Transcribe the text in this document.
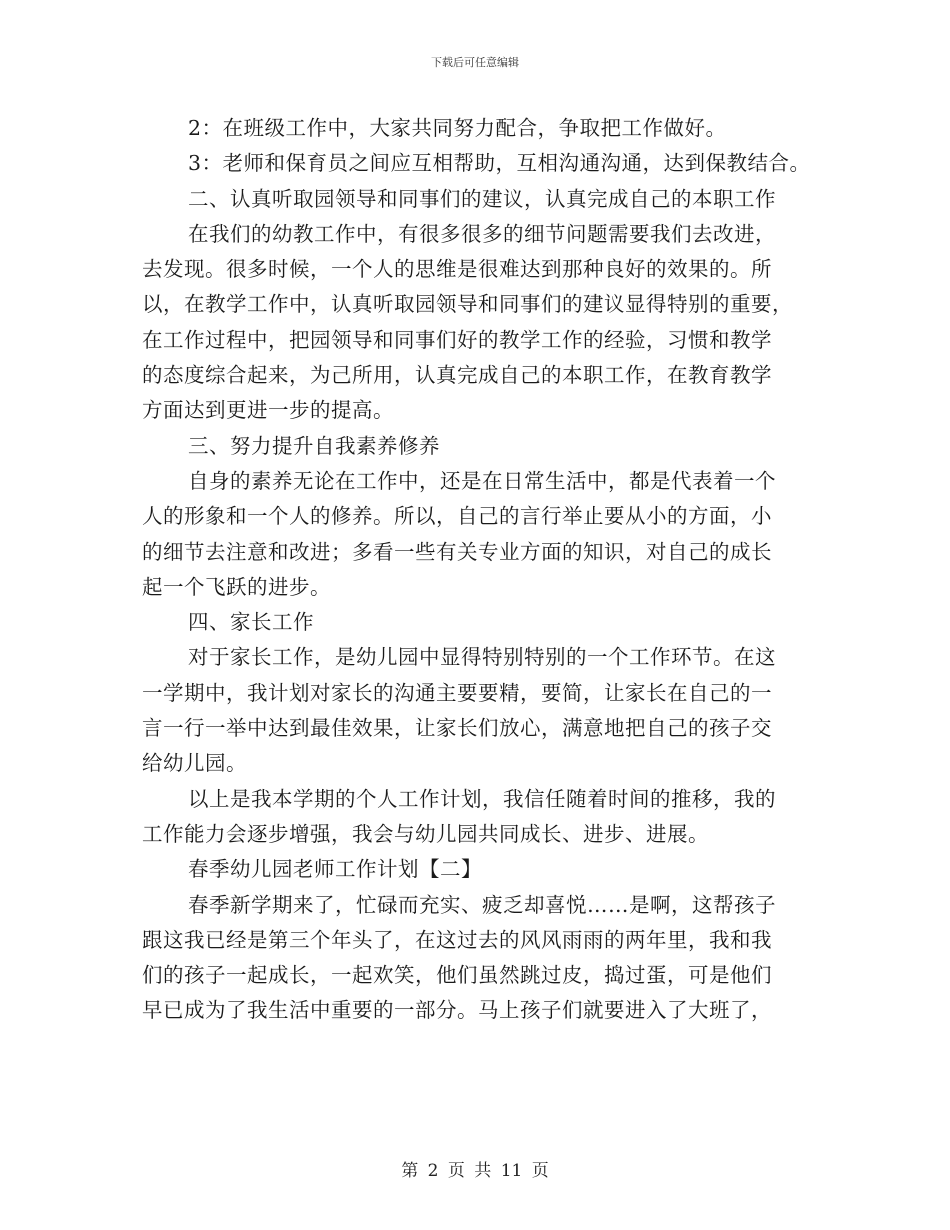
下载后可任意编辑
2：在班级工作中，大家共同努力配合，争取把工作做好。
3：老师和保育员之间应互相帮助，互相沟通沟通，达到保教结合。
二、认真听取园领导和同事们的建议，认真完成自己的本职工作
在我们的幼教工作中，有很多很多的细节问题需要我们去改进，
去发现。很多时候，一个人的思维是很难达到那种良好的效果的。所
以，在教学工作中，认真听取园领导和同事们的建议显得特别的重要，
在工作过程中，把园领导和同事们好的教学工作的经验，习惯和教学
的态度综合起来，为己所用，认真完成自己的本职工作，在教育教学
方面达到更进一步的提高。
三、努力提升自我素养修养
自身的素养无论在工作中，还是在日常生活中，都是代表着一个
人的形象和一个人的修养。所以，自己的言行举止要从小的方面，小
的细节去注意和改进；多看一些有关专业方面的知识，对自己的成长
起一个飞跃的进步。
四、家长工作
对于家长工作，是幼儿园中显得特别特别的一个工作环节。在这
一学期中，我计划对家长的沟通主要要精，要简，让家长在自己的一
言一行一举中达到最佳效果，让家长们放心，满意地把自己的孩子交
给幼儿园。
以上是我本学期的个人工作计划，我信任随着时间的推移，我的
工作能力会逐步增强，我会与幼儿园共同成长、进步、进展。
春季幼儿园老师工作计划【二】
春季新学期来了，忙碌而充实、疲乏却喜悦……是啊，这帮孩子
跟这我已经是第三个年头了，在这过去的风风雨雨的两年里，我和我
们的孩子一起成长，一起欢笑，他们虽然跳过皮，捣过蛋，可是他们
早已成为了我生活中重要的一部分。马上孩子们就要进入了大班了，
第 2 页 共 11 页
